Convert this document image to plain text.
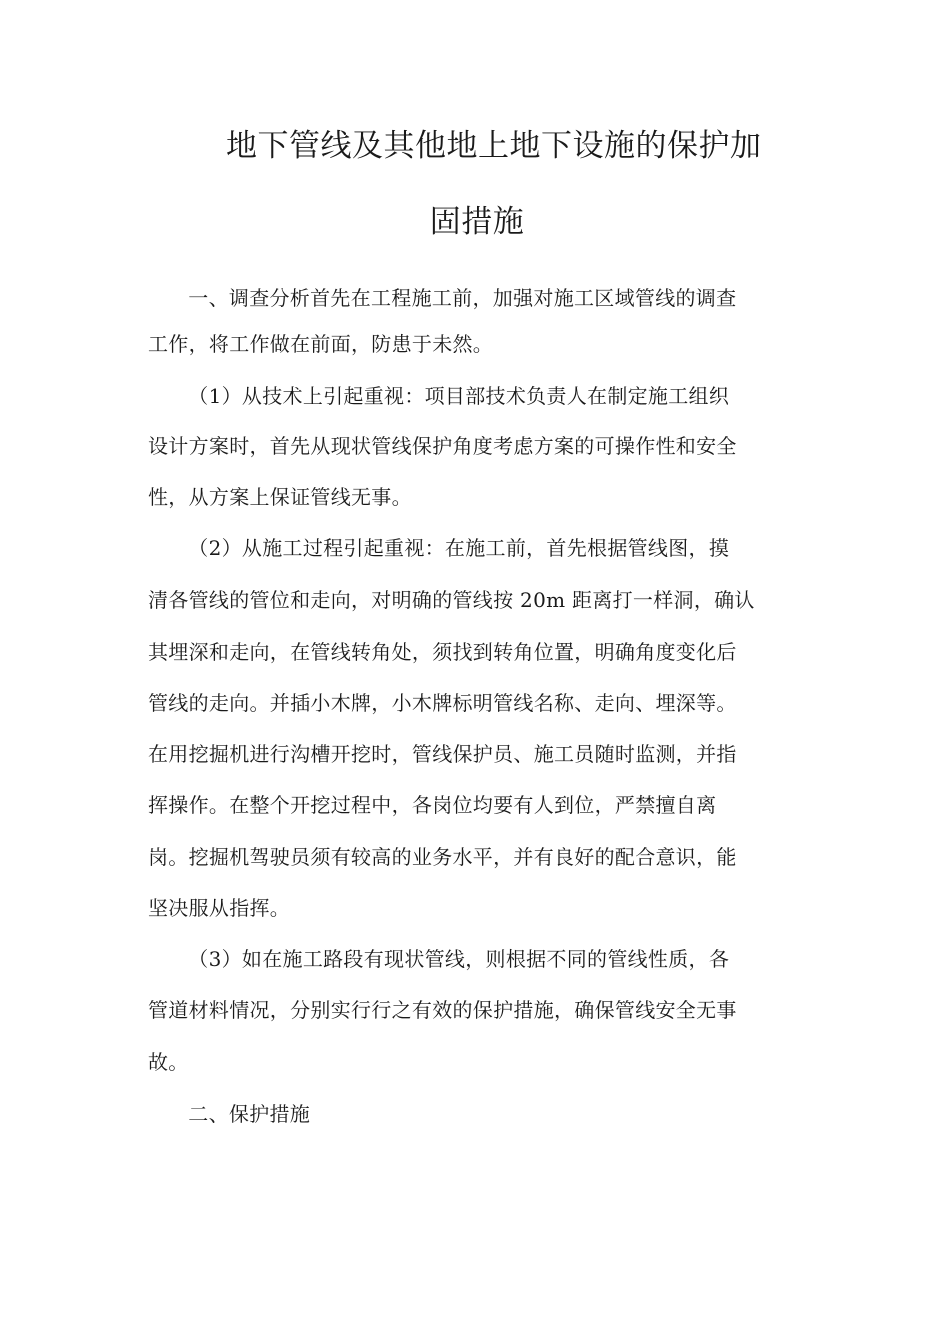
地下管线及其他地上地下设施的保护加
固措施

　一、调查分析首先在工程施工前，加强对施工区域管线的调查

工作，将工作做在前面，防患于未然。

　（1）从技术上引起重视：项目部技术负责人在制定施工组织

设计方案时，首先从现状管线保护角度考虑方案的可操作性和安全

性，从方案上保证管线无事。

　（2）从施工过程引起重视：在施工前，首先根据管线图，摸

清各管线的管位和走向，对明确的管线按 20m 距离打一样洞，确认

其埋深和走向，在管线转角处，须找到转角位置，明确角度变化后

管线的走向。并插小木牌，小木牌标明管线名称、走向、埋深等。

在用挖掘机进行沟槽开挖时，管线保护员、施工员随时监测，并指

挥操作。在整个开挖过程中，各岗位均要有人到位，严禁擅自离

岗。挖掘机驾驶员须有较高的业务水平，并有良好的配合意识，能

坚决服从指挥。

　（3）如在施工路段有现状管线，则根据不同的管线性质，各

管道材料情况，分别实行行之有效的保护措施，确保管线安全无事

故。

　二、保护措施
